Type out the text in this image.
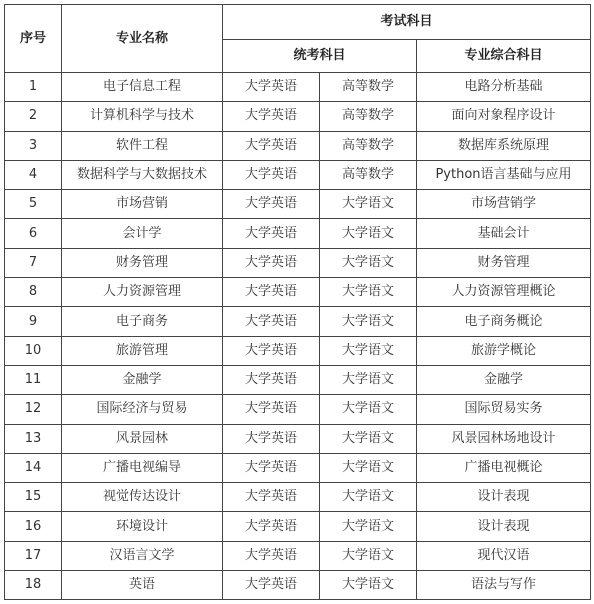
序号	专业名称	考试科目		
		统考科目		专业综合科目
1	电子信息工程	大学英语	高等数学	电路分析基础
2	计算机科学与技术	大学英语	高等数学	面向对象程序设计
3	软件工程	大学英语	高等数学	数据库系统原理
4	数据科学与大数据技术	大学英语	高等数学	Python语言基础与应用
5	市场营销	大学英语	大学语文	市场营销学
6	会计学	大学英语	大学语文	基础会计
7	财务管理	大学英语	大学语文	财务管理
8	人力资源管理	大学英语	大学语文	人力资源管理概论
9	电子商务	大学英语	大学语文	电子商务概论
10	旅游管理	大学英语	大学语文	旅游学概论
11	金融学	大学英语	大学语文	金融学
12	国际经济与贸易	大学英语	大学语文	国际贸易实务
13	风景园林	大学英语	大学语文	风景园林场地设计
14	广播电视编导	大学英语	大学语文	广播电视概论
15	视觉传达设计	大学英语	大学语文	设计表现
16	环境设计	大学英语	大学语文	设计表现
17	汉语言文学	大学英语	大学语文	现代汉语
18	英语	大学英语	大学语文	语法与写作
